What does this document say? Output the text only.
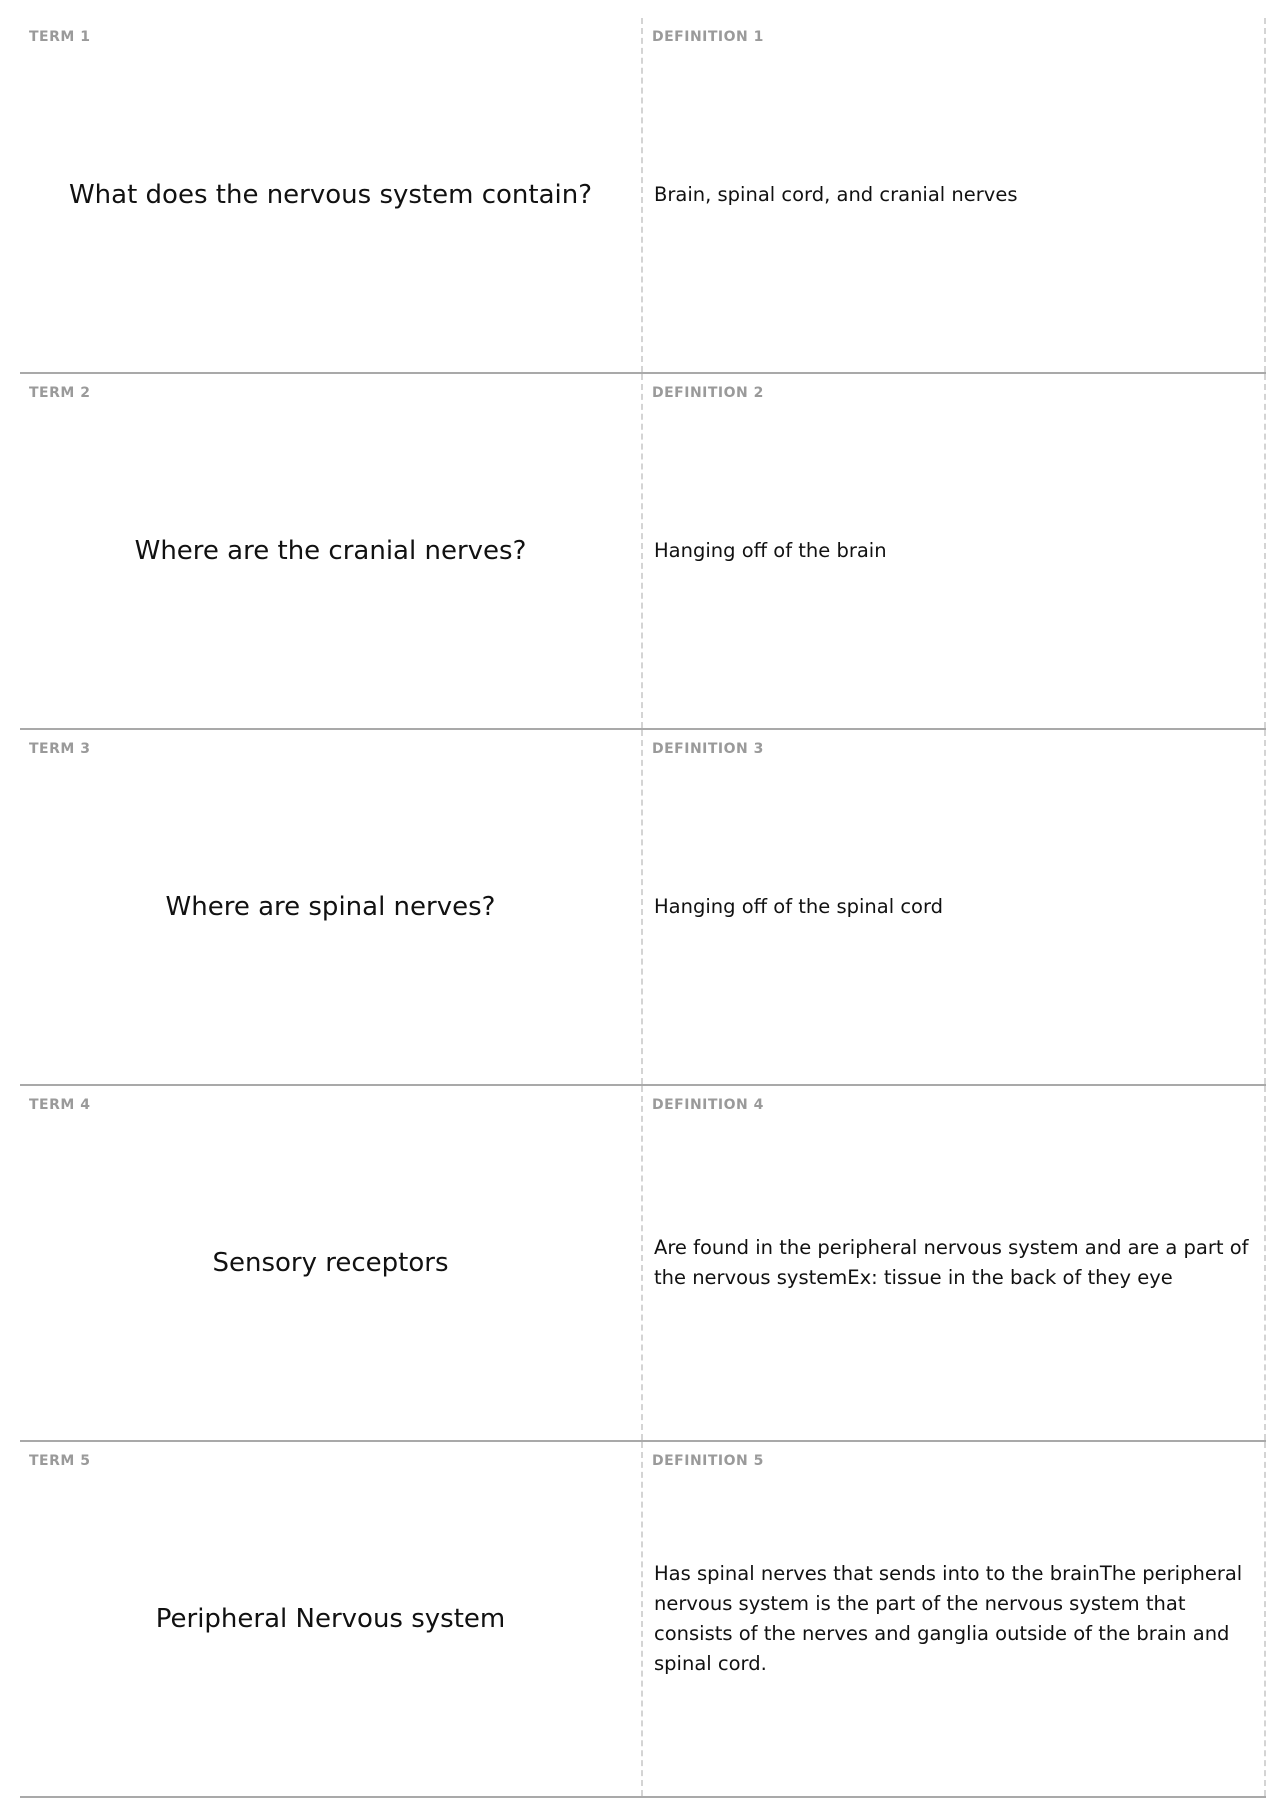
TERM 1
What does the nervous system contain?
DEFINITION 1
Brain, spinal cord, and cranial nerves
TERM 2
Where are the cranial nerves?
DEFINITION 2
Hanging off of the brain
TERM 3
Where are spinal nerves?
DEFINITION 3
Hanging off of the spinal cord
TERM 4
Sensory receptors
DEFINITION 4
Are found in the peripheral nervous system and are a part of the nervous systemEx: tissue in the back of they eye
TERM 5
Peripheral Nervous system
DEFINITION 5
Has spinal nerves that sends into to the brainThe peripheral nervous system is the part of the nervous system that consists of the nerves and ganglia outside of the brain and spinal cord.
